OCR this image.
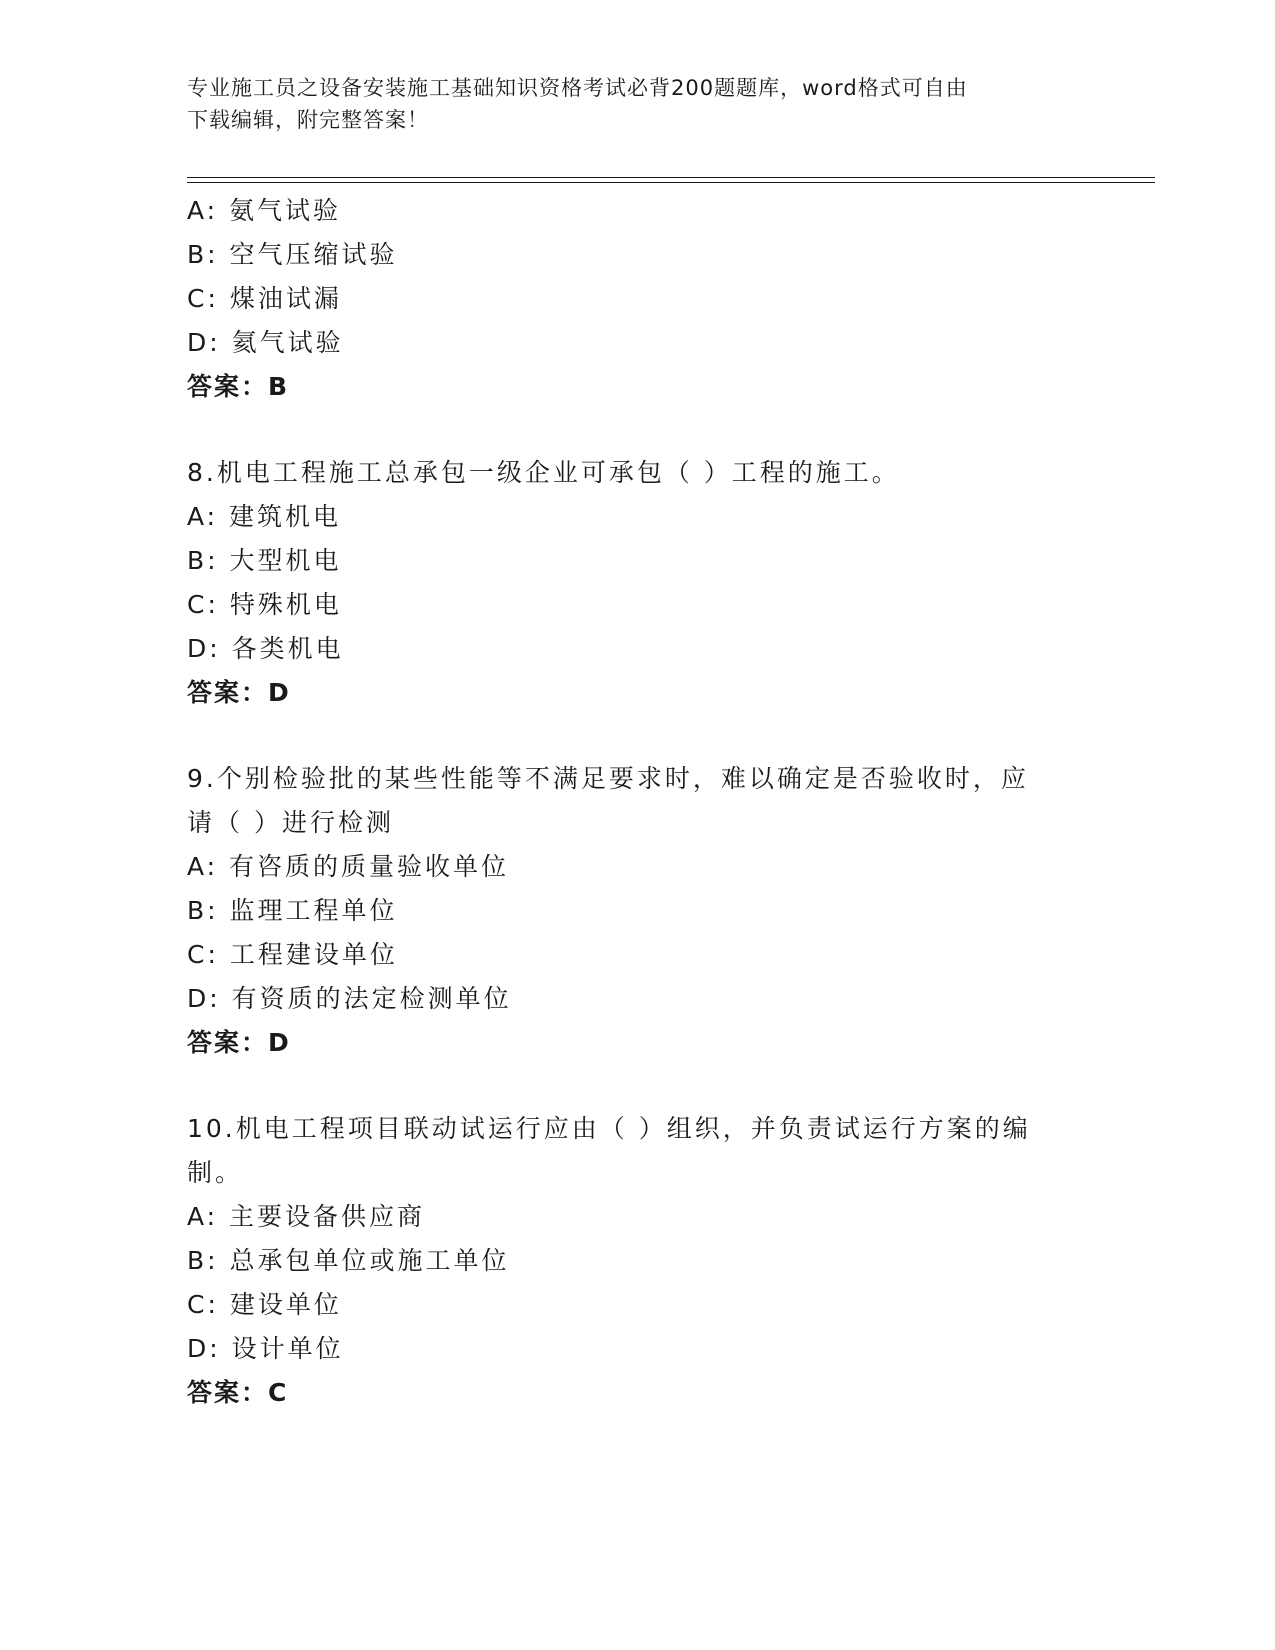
专业施工员之设备安装施工基础知识资格考试必背200题题库，word格式可自由
下载编辑，附完整答案！
A: 氨气试验
B: 空气压缩试验
C: 煤油试漏
D: 氦气试验
答案：B
8.机电工程施工总承包一级企业可承包（ ）工程的施工。
A: 建筑机电
B: 大型机电
C: 特殊机电
D: 各类机电
答案：D
9.个别检验批的某些性能等不满足要求时，难以确定是否验收时，应
请（ ）进行检测
A: 有咨质的质量验收单位
B: 监理工程单位
C: 工程建设单位
D: 有资质的法定检测单位
答案：D
10.机电工程项目联动试运行应由（ ）组织，并负责试运行方案的编
制。
A: 主要设备供应商
B: 总承包单位或施工单位
C: 建设单位
D: 设计单位
答案：C
